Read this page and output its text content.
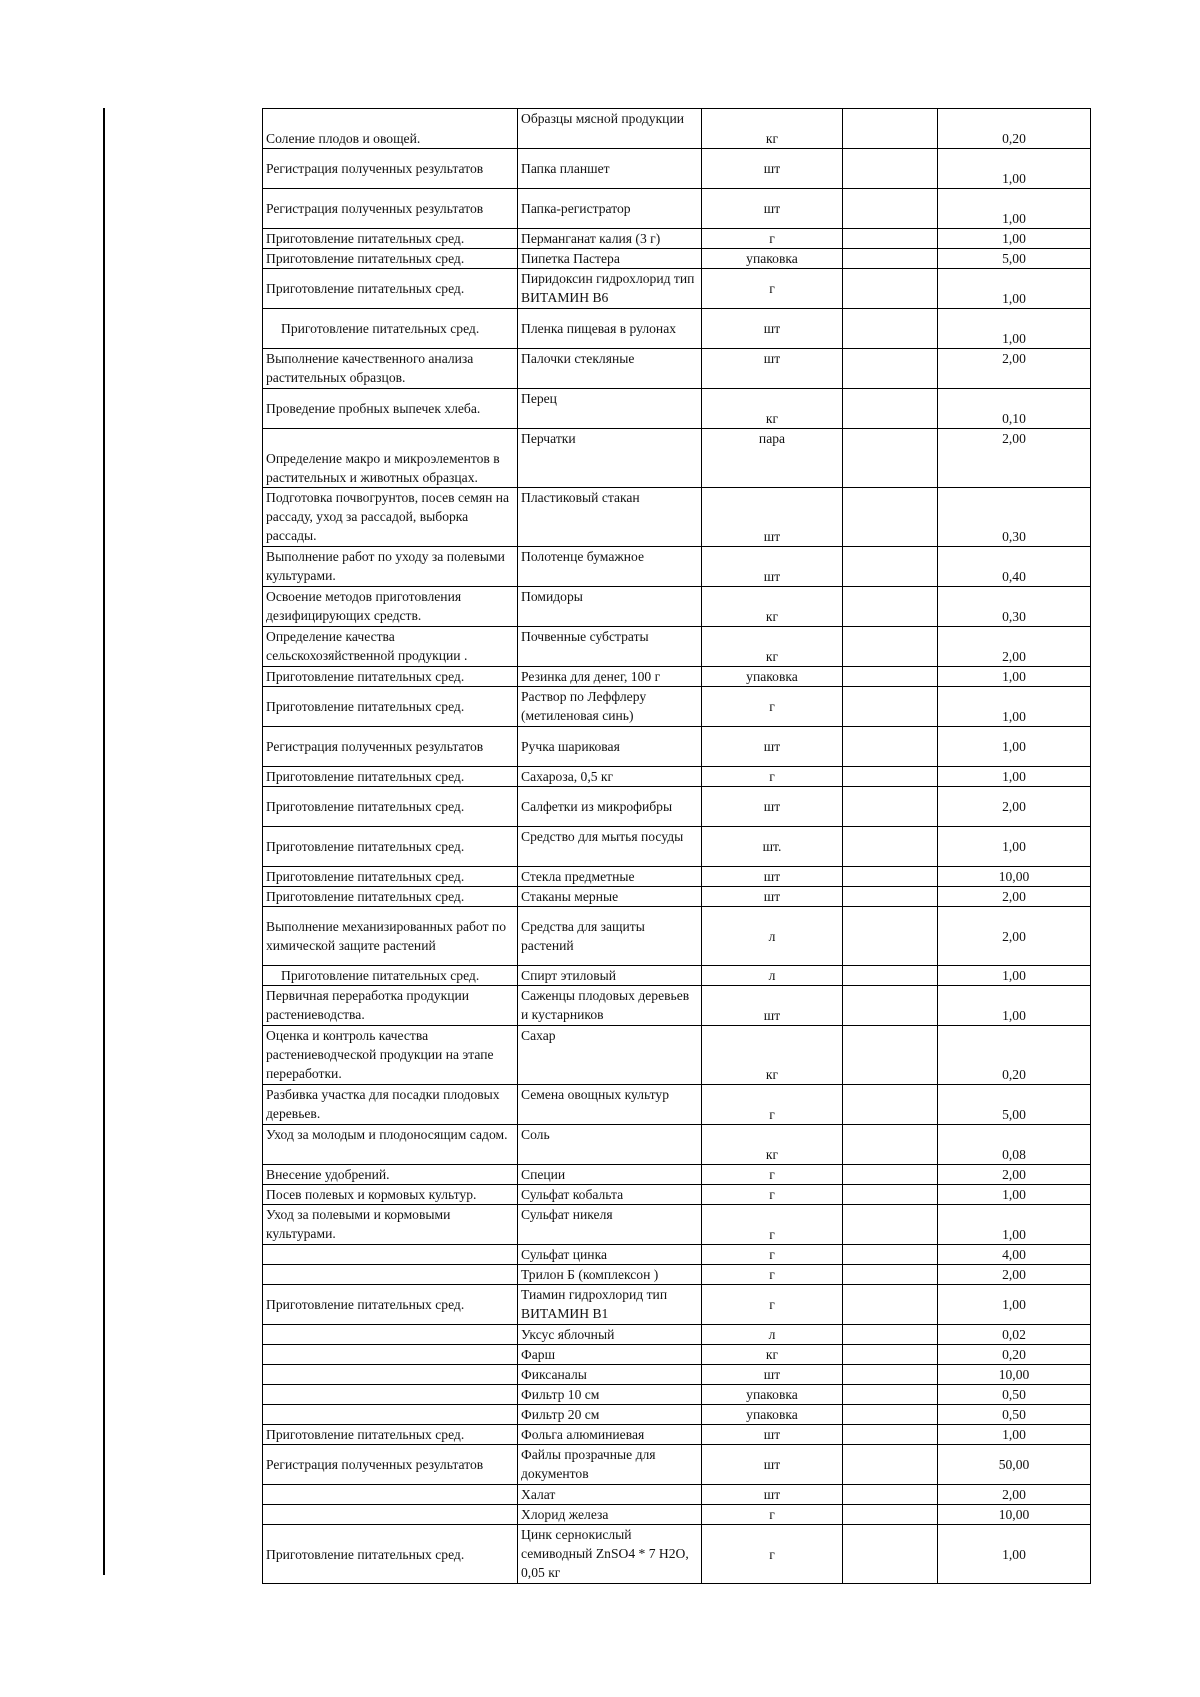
Соление плодов и овощей.	Образцы мясной продукции	кг		0,20
Регистрация полученных результатов	Папка планшет	шт		1,00
Регистрация полученных результатов	Папка-регистратор	шт		1,00
Приготовление питательных сред.	Перманганат калия (3 г)	г		1,00
Приготовление питательных сред.	Пипетка Пастера	упаковка		5,00
Приготовление питательных сред.	Пиридоксин гидрохлорид тип ВИТАМИН В6	г		1,00
Приготовление питательных сред.	Пленка пищевая в рулонах	шт		1,00
Выполнение качественного анализа растительных образцов.	Палочки стекляные	шт		2,00
Проведение пробных выпечек хлеба.	Перец	кг		0,10
Определение макро и микроэлементов в растительных и животных образцах.	Перчатки	пара		2,00
Подготовка почвогрунтов, посев семян на рассаду, уход за рассадой, выборка рассады.	Пластиковый стакан	шт		0,30
Выполнение работ по уходу за полевыми культурами.	Полотенце бумажное	шт		0,40
Освоение методов приготовления дезифицирующих средств.	Помидоры	кг		0,30
Определение качества сельскохозяйственной продукции .	Почвенные субстраты	кг		2,00
Приготовление питательных сред.	Резинка для денег, 100 г	упаковка		1,00
Приготовление питательных сред.	Раствор по Леффлеру (метиленовая синь)	г		1,00
Регистрация полученных результатов	Ручка шариковая	шт		1,00
Приготовление питательных сред.	Сахароза, 0,5 кг	г		1,00
Приготовление питательных сред.	Салфетки из микрофибры	шт		2,00
Приготовление питательных сред.	Средство для мытья посуды	шт.		1,00
Приготовление питательных сред.	Стекла предметные	шт		10,00
Приготовление питательных сред.	Стаканы мерные	шт		2,00
Выполнение механизированных работ по химической защите растений	Средства для защиты растений	л		2,00
Приготовление питательных сред.	Спирт этиловый	л		1,00
Первичная переработка продукции растениеводства.	Саженцы плодовых деревьев и кустарников	шт		1,00
Оценка и контроль качества растениеводческой продукции на этапе переработки.	Сахар	кг		0,20
Разбивка участка для посадки плодовых деревьев.	Семена овощных культур	г		5,00
Уход за молодым и плодоносящим садом.	Соль	кг		0,08
Внесение удобрений.	Специи	г		2,00
Посев полевых и кормовых культур.	Сульфат кобальта	г		1,00
Уход за полевыми и кормовыми культурами.	Сульфат никеля	г		1,00
	Сульфат цинка	г		4,00
	Трилон Б (комплексон )	г		2,00
Приготовление питательных сред.	Тиамин гидрохлорид тип ВИТАМИН В1	г		1,00
	Уксус яблочный	л		0,02
	Фарш	кг		0,20
	Фиксаналы	шт		10,00
	Фильтр 10 см	упаковка		0,50
	Фильтр 20 см	упаковка		0,50
Приготовление питательных сред.	Фольга алюминиевая	шт		1,00
Регистрация полученных результатов	Файлы прозрачные для документов	шт		50,00
	Халат	шт		2,00
	Хлорид железа	г		10,00
Приготовление питательных сред.	Цинк сернокислый семиводный ZnSO4 * 7 H2O, 0,05 кг	г		1,00
